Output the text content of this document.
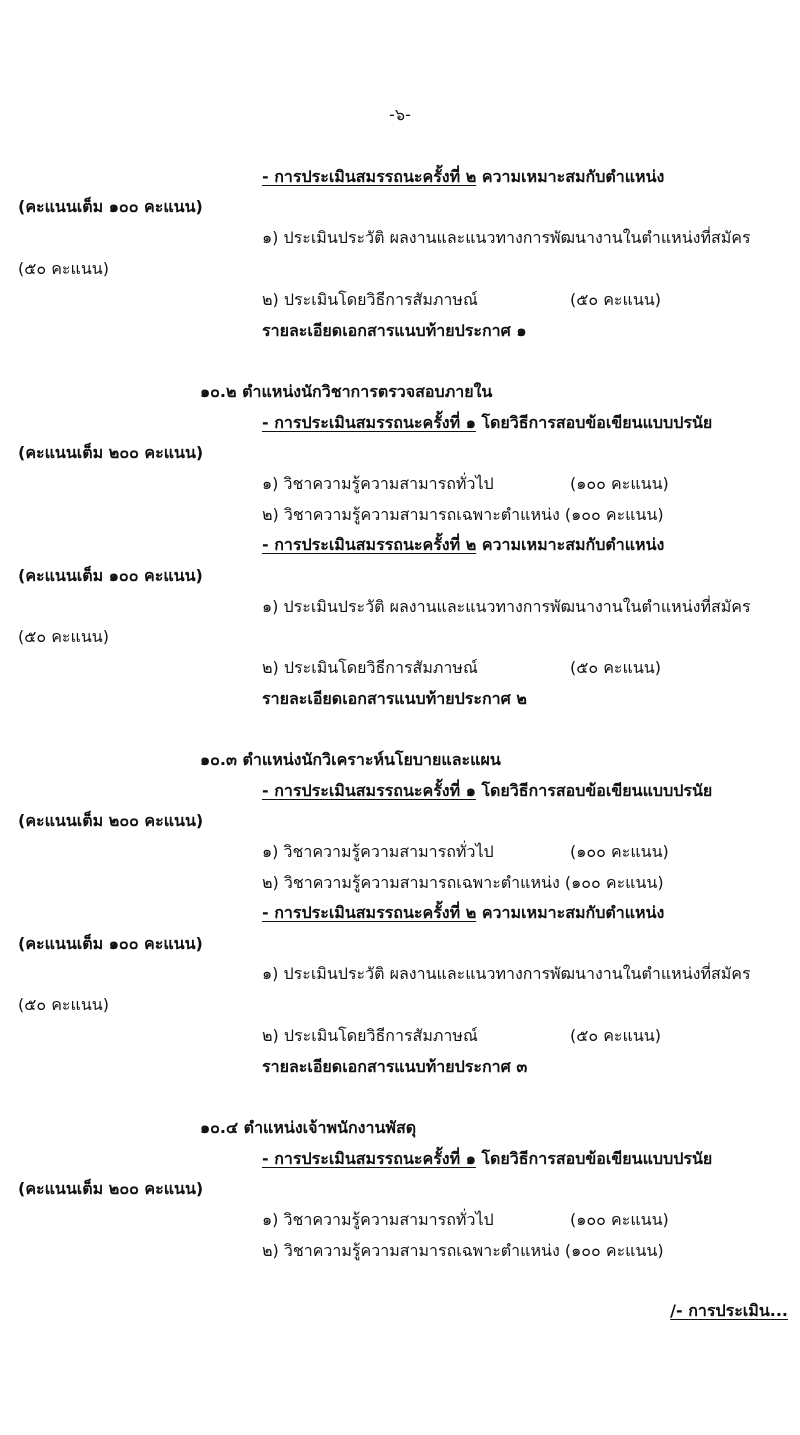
-๖-
- การประเมินสมรรถนะครั้งที่ ๒ ความเหมาะสมกับตำแหน่ง
(คะแนนเต็ม ๑๐๐ คะแนน)
๑) ประเมินประวัติ ผลงานและแนวทางการพัฒนางานในตำแหน่งที่สมัคร
(๕๐ คะแนน)
๒) ประเมินโดยวิธีการสัมภาษณ์	(๕๐ คะแนน)
รายละเอียดเอกสารแนบท้ายประกาศ ๑
๑๐.๒ ตำแหน่งนักวิชาการตรวจสอบภายใน
- การประเมินสมรรถนะครั้งที่ ๑ โดยวิธีการสอบข้อเขียนแบบปรนัย
(คะแนนเต็ม ๒๐๐ คะแนน)
๑) วิชาความรู้ความสามารถทั่วไป	(๑๐๐ คะแนน)
๒) วิชาความรู้ความสามารถเฉพาะตำแหน่ง (๑๐๐ คะแนน)
- การประเมินสมรรถนะครั้งที่ ๒ ความเหมาะสมกับตำแหน่ง
(คะแนนเต็ม ๑๐๐ คะแนน)
๑) ประเมินประวัติ ผลงานและแนวทางการพัฒนางานในตำแหน่งที่สมัคร
(๕๐ คะแนน)
๒) ประเมินโดยวิธีการสัมภาษณ์	(๕๐ คะแนน)
รายละเอียดเอกสารแนบท้ายประกาศ ๒
๑๐.๓ ตำแหน่งนักวิเคราะห์นโยบายและแผน
- การประเมินสมรรถนะครั้งที่ ๑ โดยวิธีการสอบข้อเขียนแบบปรนัย
(คะแนนเต็ม ๒๐๐ คะแนน)
๑) วิชาความรู้ความสามารถทั่วไป	(๑๐๐ คะแนน)
๒) วิชาความรู้ความสามารถเฉพาะตำแหน่ง (๑๐๐ คะแนน)
- การประเมินสมรรถนะครั้งที่ ๒ ความเหมาะสมกับตำแหน่ง
(คะแนนเต็ม ๑๐๐ คะแนน)
๑) ประเมินประวัติ ผลงานและแนวทางการพัฒนางานในตำแหน่งที่สมัคร
(๕๐ คะแนน)
๒) ประเมินโดยวิธีการสัมภาษณ์	(๕๐ คะแนน)
รายละเอียดเอกสารแนบท้ายประกาศ ๓
๑๐.๔ ตำแหน่งเจ้าพนักงานพัสดุ
- การประเมินสมรรถนะครั้งที่ ๑ โดยวิธีการสอบข้อเขียนแบบปรนัย
(คะแนนเต็ม ๒๐๐ คะแนน)
๑) วิชาความรู้ความสามารถทั่วไป	(๑๐๐ คะแนน)
๒) วิชาความรู้ความสามารถเฉพาะตำแหน่ง (๑๐๐ คะแนน)
/- การประเมิน...
